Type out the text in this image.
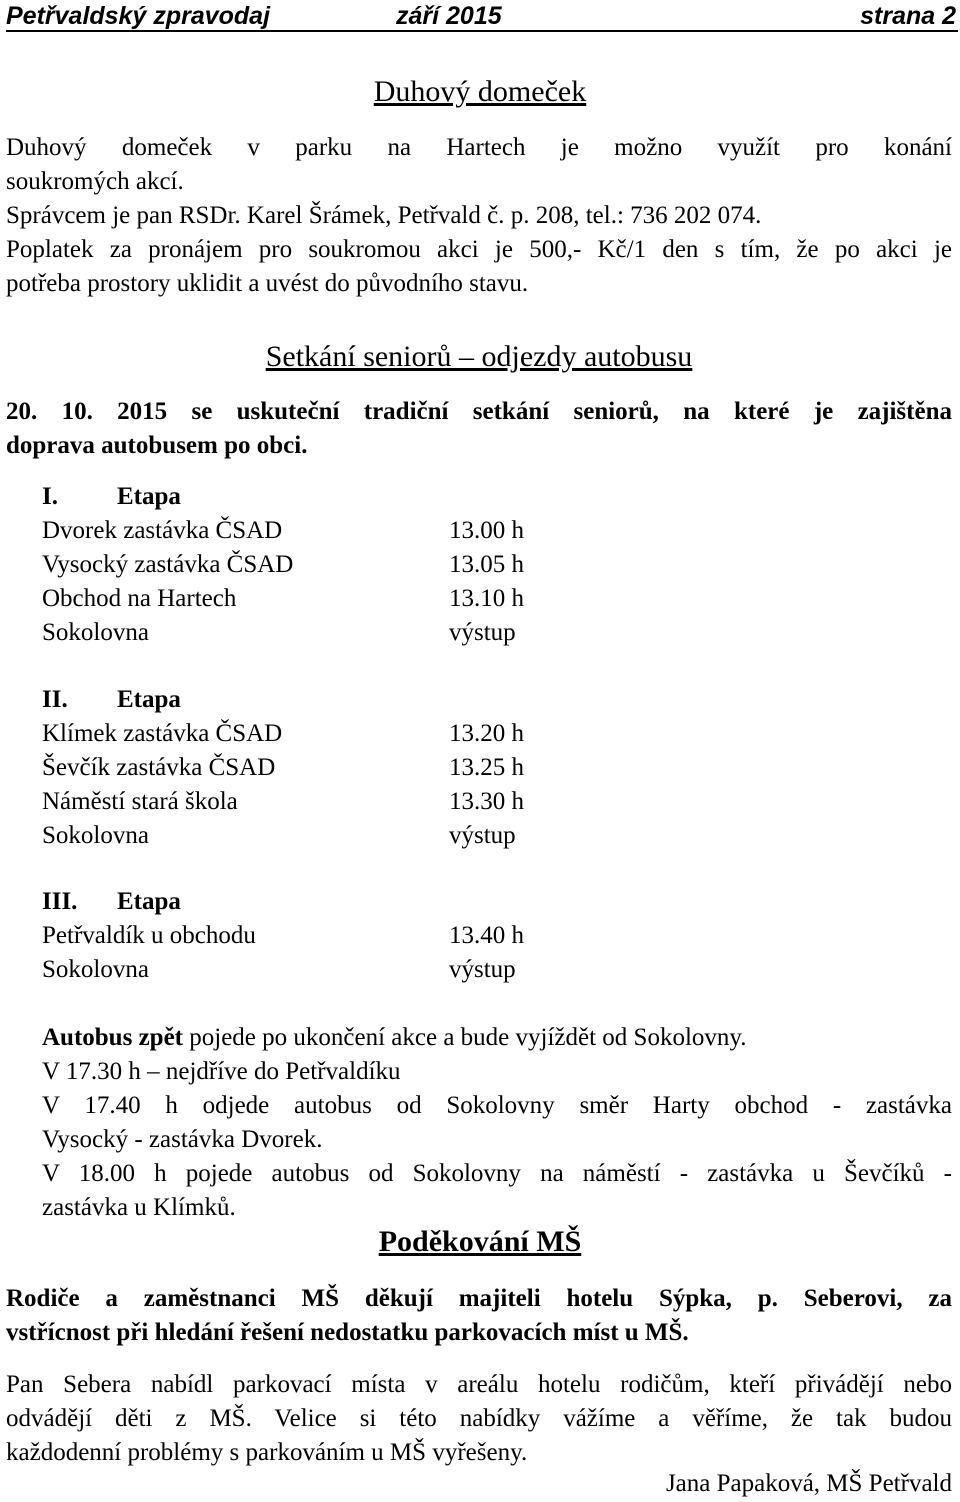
Petřvaldský zpravodaj	září 2015	strana 2
Duhový domeček
Duhový domeček v parku na Hartech je možno využít pro konání
soukromých akcí.
Správcem je pan RSDr. Karel Šrámek, Petřvald č. p. 208, tel.: 736 202 074.
Poplatek za pronájem pro soukromou akci je 500,- Kč/1 den s tím, že po akci je
potřeba prostory uklidit a uvést do původního stavu.
Setkání seniorů – odjezdy autobusu
20. 10. 2015 se uskuteční tradiční setkání seniorů, na které je zajištěna
doprava autobusem po obci.
I. Etapa
Dvorek zastávka ČSAD	13.00 h
Vysocký zastávka ČSAD	13.05 h
Obchod na Hartech	13.10 h
Sokolovna	výstup
II. Etapa
Klímek zastávka ČSAD	13.20 h
Ševčík zastávka ČSAD	13.25 h
Náměstí stará škola	13.30 h
Sokolovna	výstup
III. Etapa
Petřvaldík u obchodu	13.40 h
Sokolovna	výstup
Autobus zpět pojede po ukončení akce a bude vyjíždět od Sokolovny.
V 17.30 h – nejdříve do Petřvaldíku
V 17.40 h odjede autobus od Sokolovny směr Harty obchod - zastávka
Vysocký - zastávka Dvorek.
V 18.00 h pojede autobus od Sokolovny na náměstí - zastávka u Ševčíků -
zastávka u Klímků.
Poděkování MŠ
Rodiče a zaměstnanci MŠ děkují majiteli hotelu Sýpka, p. Seberovi, za
vstřícnost při hledání řešení nedostatku parkovacích míst u MŠ.
Pan Sebera nabídl parkovací místa v areálu hotelu rodičům, kteří přivádějí nebo
odvádějí děti z MŠ. Velice si této nabídky vážíme a věříme, že tak budou
každodenní problémy s parkováním u MŠ vyřešeny.
Jana Papaková, MŠ Petřvald
